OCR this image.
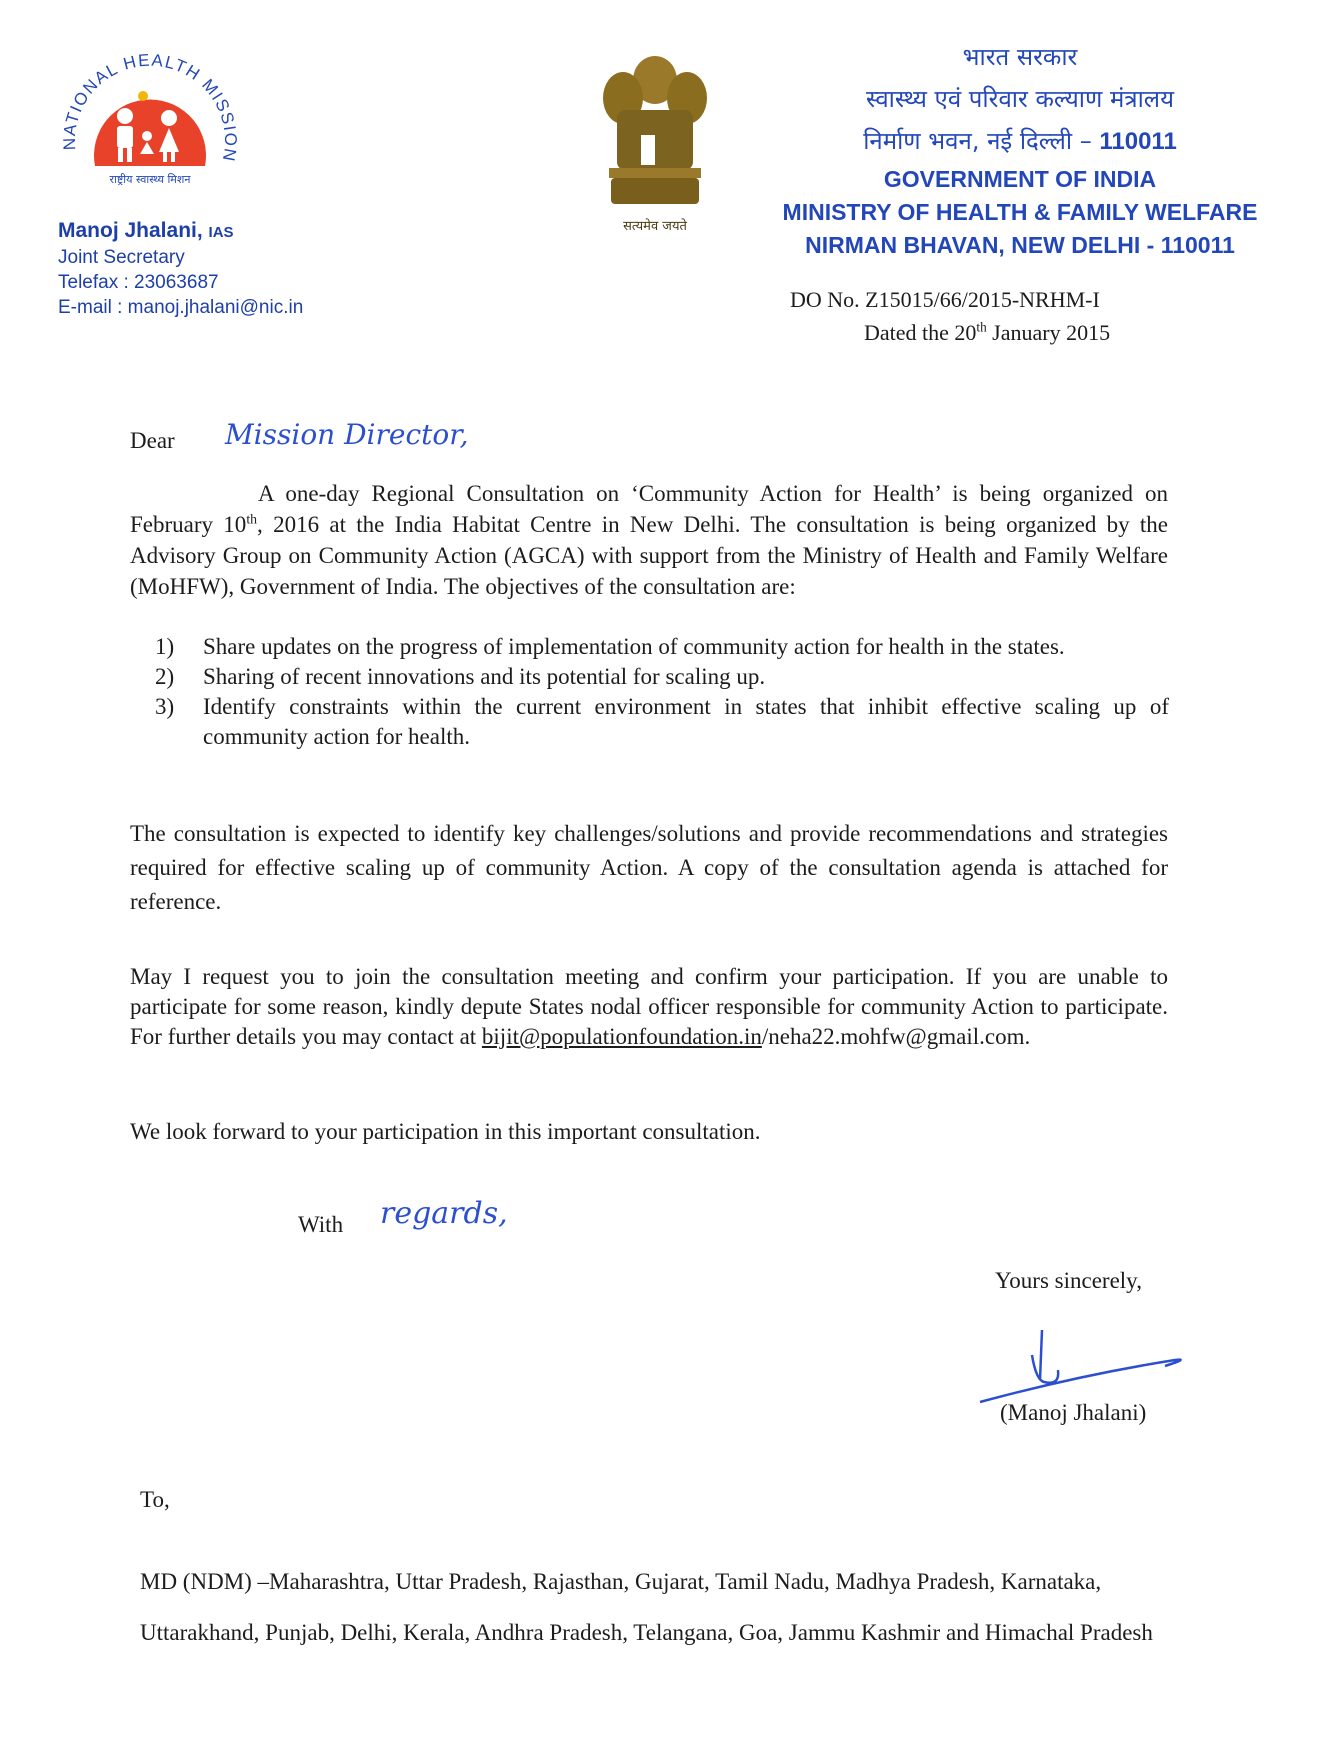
NATIONAL HEALTH MISSION
राष्ट्रीय स्वास्थ्य मिशन
Manoj Jhalani, IAS
Joint Secretary
Telefax : 23063687
E-mail : manoj.jhalani@nic.in
सत्यमेव जयते
भारत सरकार
स्वास्थ्य एवं परिवार कल्याण मंत्रालय
निर्माण भवन, नई दिल्ली – 110011
GOVERNMENT OF INDIA
MINISTRY OF HEALTH & FAMILY WELFARE
NIRMAN BHAVAN, NEW DELHI - 110011
DO No. Z15015/66/2015-NRHM-I
Dated the 20th January 2015
Dear Mission Director,
A one-day Regional Consultation on ‘Community Action for Health’ is being organized on February 10th, 2016 at the India Habitat Centre in New Delhi. The consultation is being organized by the Advisory Group on Community Action (AGCA) with support from the Ministry of Health and Family Welfare (MoHFW), Government of India. The objectives of the consultation are:
1)	Share updates on the progress of implementation of community action for health in the states.
2)	Sharing of recent innovations and its potential for scaling up.
3)	Identify constraints within the current environment in states that inhibit effective scaling up of community action for health.
The consultation is expected to identify key challenges/solutions and provide recommendations and strategies required for effective scaling up of community Action. A copy of the consultation agenda is attached for reference.
May I request you to join the consultation meeting and confirm your participation. If you are unable to participate for some reason, kindly depute States nodal officer responsible for community Action to participate. For further details you may contact at bijit@populationfoundation.in/neha22.mohfw@gmail.com.
We look forward to your participation in this important consultation.
With regards,
Yours sincerely,
(Manoj Jhalani)
To,
MD (NDM) –Maharashtra, Uttar Pradesh, Rajasthan, Gujarat, Tamil Nadu, Madhya Pradesh, Karnataka, Uttarakhand, Punjab, Delhi, Kerala, Andhra Pradesh, Telangana, Goa, Jammu Kashmir and Himachal Pradesh
